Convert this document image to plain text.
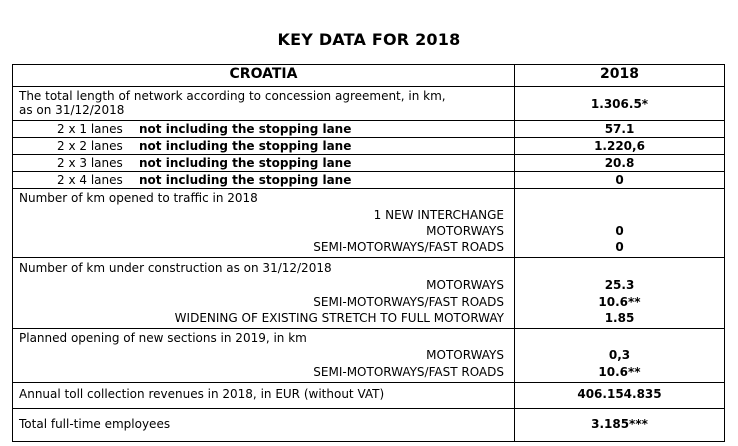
KEY DATA FOR 2018
CROATIA	2018
The total length of network according to concession agreement, in km,
as on 31/12/2018	1.306.5*
2 x 1 lanes not including the stopping lane	57.1
2 x 2 lanes not including the stopping lane	1.220,6
2 x 3 lanes not including the stopping lane	20.8
2 x 4 lanes not including the stopping lane	0
Number of km opened to traffic in 2018
1 NEW INTERCHANGE
MOTORWAYS	0
SEMI-MOTORWAYS/FAST ROADS	0
Number of km under construction as on 31/12/2018
MOTORWAYS	25.3
SEMI-MOTORWAYS/FAST ROADS	10.6**
WIDENING OF EXISTING STRETCH TO FULL MOTORWAY	1.85
Planned opening of new sections in 2019, in km
MOTORWAYS	0,3
SEMI-MOTORWAYS/FAST ROADS	10.6**
Annual toll collection revenues in 2018, in EUR (without VAT)	406.154.835
Total full-time employees	3.185***
